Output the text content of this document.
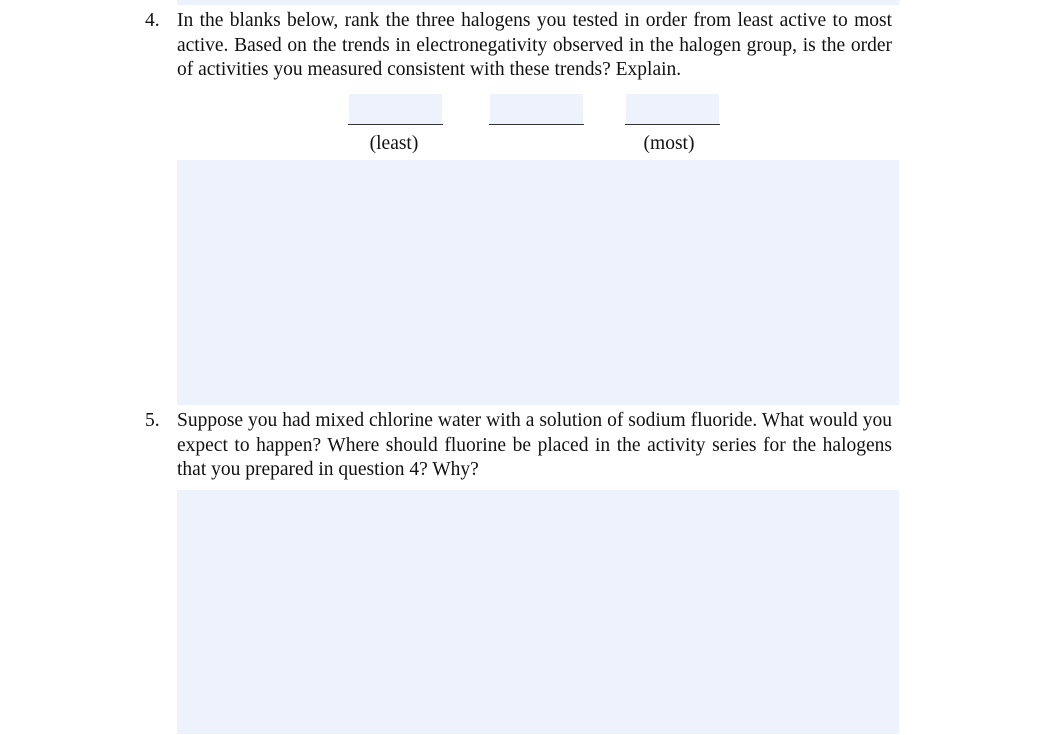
4. In the blanks below, rank the three halogens you tested in order from least active to most active. Based on the trends in electronegativity observed in the halogen group, is the order of activities you measured consistent with these trends? Explain.
(least)	(most)
5. Suppose you had mixed chlorine water with a solution of sodium fluoride. What would you expect to happen? Where should fluorine be placed in the activity series for the halogens that you prepared in question 4? Why?
